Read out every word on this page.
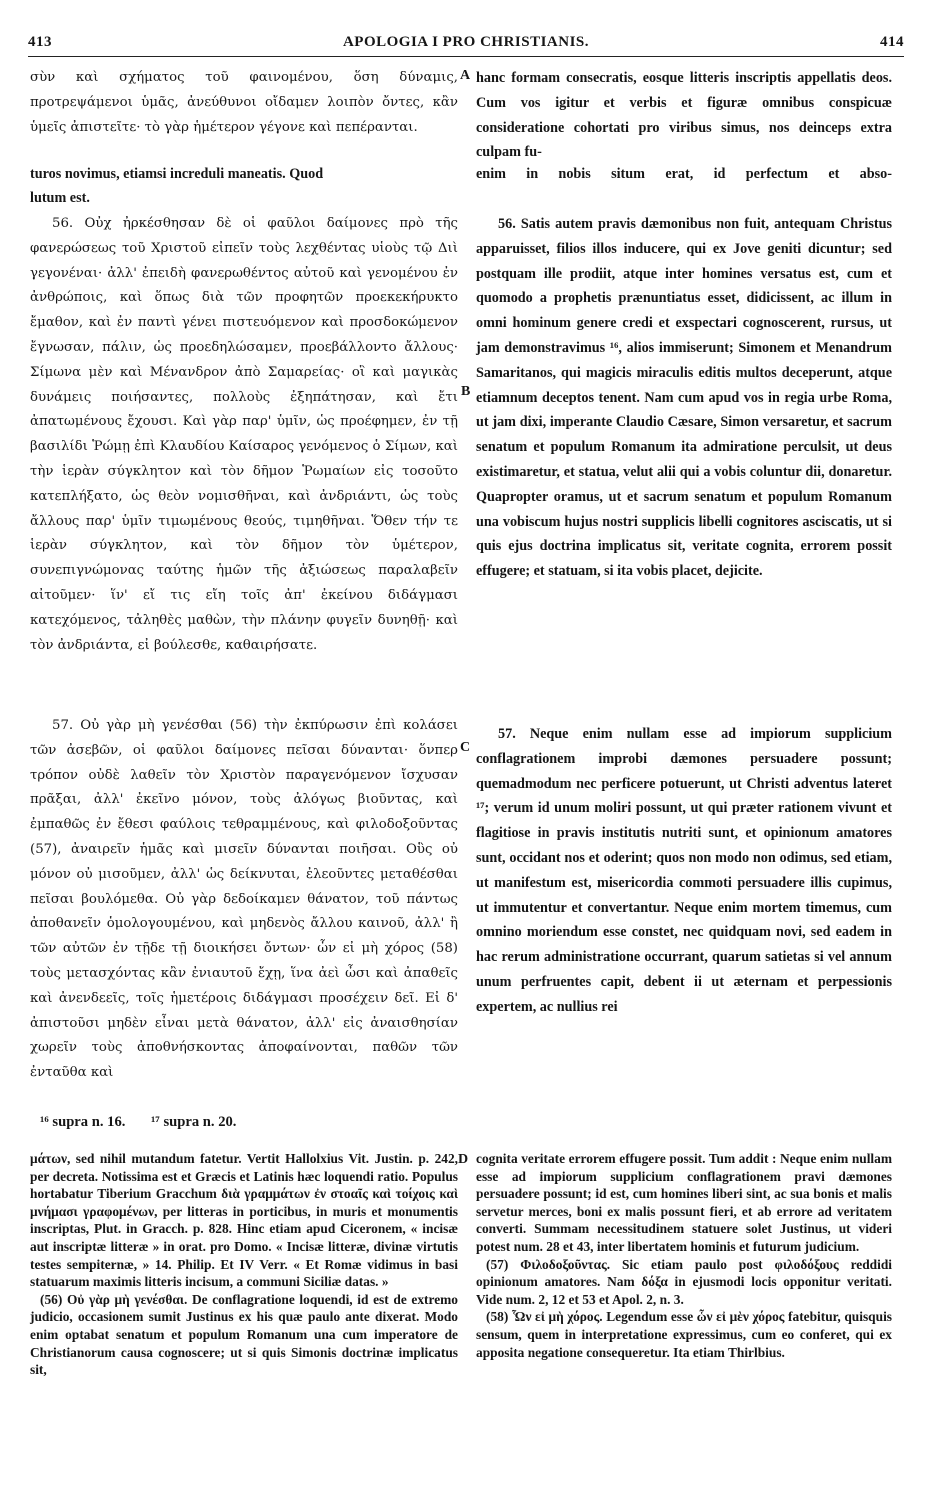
413	APOLOGIA I PRO CHRISTIANIS.	414

σὺν καὶ σχήματος τοῦ φαινομένου, ὅση δύναμις, προτρεψάμενοι ὑμᾶς, ἀνεύθυνοι οἴδαμεν λοιπὸν ὄντες, κἂν ὑμεῖς ἀπιστεῖτε· τὸ γὰρ ἡμέτερον γέγονε καὶ πεπέρανται.

hanc formam consecratis, eosque litteris inscriptis appellatis deos. Cum vos igitur et verbis et figuræ omnibus conspicuæ consideratione cohortati pro viribus simus, nos deinceps extra culpam fu-

turos novimus, etiamsi increduli maneatis. Quod	enim in nobis situm erat, id perfectum et abso-

lutum est.

56. Οὐχ ἠρκέσθησαν δὲ οἱ φαῦλοι δαίμονες πρὸ τῆς φανερώσεως τοῦ Χριστοῦ εἰπεῖν τοὺς λεχθέντας υἱοὺς τῷ Διὶ γεγονέναι· ἀλλ' ἐπειδὴ φανερωθέντος αὐτοῦ καὶ γενομένου ἐν ἀνθρώποις, καὶ ὅπως διὰ τῶν προφητῶν προεκεκήρυκτο ἔμαθον, καὶ ἐν παντὶ γένει πιστευόμενον καὶ προσδοκώμενον ἔγνωσαν, πάλιν, ὡς προεδηλώσαμεν, προεβάλλοντο ἄλλους· Σίμωνα μὲν καὶ Μένανδρον ἀπὸ Σαμαρείας· οἳ καὶ μαγικὰς δυνάμεις ποιήσαντες, πολλοὺς ἐξηπάτησαν, καὶ ἔτι ἀπατωμένους ἔχουσι. Καὶ γὰρ παρ' ὑμῖν, ὡς προέφημεν, ἐν τῇ βασιλίδι Ῥώμῃ ἐπὶ Κλαυδίου Καίσαρος γενόμενος ὁ Σίμων, καὶ τὴν ἱερὰν σύγκλητον καὶ τὸν δῆμον Ῥωμαίων εἰς τοσοῦτο κατεπλήξατο, ὡς θεὸν νομισθῆναι, καὶ ἀνδριάντι, ὡς τοὺς ἄλλους παρ' ὑμῖν τιμωμένους θεούς, τιμηθῆναι. Ὅθεν τήν τε ἱερὰν σύγκλητον, καὶ τὸν δῆμον τὸν ὑμέτερον, συνεπιγνώμονας ταύτης ἡμῶν τῆς ἀξιώσεως παραλαβεῖν αἰτοῦμεν· ἵν' εἴ τις εἴη τοῖς ἀπ' ἐκείνου διδάγμασι κατεχόμενος, τἀληθὲς μαθὼν, τὴν πλάνην φυγεῖν δυνηθῇ· καὶ τὸν ἀνδριάντα, εἰ βούλεσθε, καθαιρήσατε.

56. Satis autem pravis dæmonibus non fuit, antequam Christus apparuisset, filios illos inducere, qui ex Jove geniti dicuntur; sed postquam ille prodiit, atque inter homines versatus est, cum et quomodo a prophetis prænuntiatus esset, didicissent, ac illum in omni hominum genere credi et exspectari cognoscerent, rursus, ut jam demonstravimus ¹⁶, alios immiserunt; Simonem et Menandrum Samaritanos, qui magicis miraculis editis multos deceperunt, atque etiamnum deceptos tenent. Nam cum apud vos in regia urbe Roma, ut jam dixi, imperante Claudio Cæsare, Simon versaretur, et sacrum senatum et populum Romanum ita admiratione perculsit, ut deus existimaretur, et statua, velut alii qui a vobis coluntur dii, donaretur. Quapropter oramus, ut et sacrum senatum et populum Romanum una vobiscum hujus nostri supplicis libelli cognitores asciscatis, ut si quis ejus doctrina implicatus sit, veritate cognita, errorem possit effugere; et statuam, si ita vobis placet, dejicite.

57. Οὐ γὰρ μὴ γενέσθαι (56) τὴν ἐκπύρωσιν ἐπὶ κολάσει τῶν ἀσεβῶν, οἱ φαῦλοι δαίμονες πεῖσαι δύνανται· ὅνπερ τρόπον οὐδὲ λαθεῖν τὸν Χριστὸν παραγενόμενον ἴσχυσαν πρᾶξαι, ἀλλ' ἐκεῖνο μόνον, τοὺς ἀλόγως βιοῦντας, καὶ ἐμπαθῶς ἐν ἔθεσι φαύλοις τεθραμμένους, καὶ φιλοδοξοῦντας (57), ἀναιρεῖν ἡμᾶς καὶ μισεῖν δύνανται ποιῆσαι. Οὓς οὐ μόνον οὐ μισοῦμεν, ἀλλ' ὡς δείκνυται, ἐλεοῦντες μεταθέσθαι πεῖσαι βουλόμεθα. Οὐ γὰρ δεδοίκαμεν θάνατον, τοῦ πάντως ἀποθανεῖν ὁμολογουμένου, καὶ μηδενὸς ἄλλου καινοῦ, ἀλλ' ἢ τῶν αὐτῶν ἐν τῇδε τῇ διοικήσει ὄντων· ὧν εἰ μὴ χόρος (58) τοὺς μετασχόντας κἂν ἐνιαυτοῦ ἔχῃ, ἵνα ἀεὶ ὦσι καὶ ἀπαθεῖς καὶ ἀνενδεεῖς, τοῖς ἡμετέροις διδάγμασι προσέχειν δεῖ. Εἰ δ' ἀπιστοῦσι μηδὲν εἶναι μετὰ θάνατον, ἀλλ' εἰς ἀναισθησίαν χωρεῖν τοὺς ἀποθνήσκοντας ἀποφαίνονται, παθῶν τῶν ἐνταῦθα καὶ

57. Neque enim nullam esse ad impiorum supplicium conflagrationem improbi dæmones persuadere possunt; quemadmodum nec perficere potuerunt, ut Christi adventus lateret ¹⁷; verum id unum moliri possunt, ut qui præter rationem vivunt et flagitiose in pravis institutis nutriti sunt, et opinionum amatores sunt, occidant nos et oderint; quos non modo non odimus, sed etiam, ut manifestum est, misericordia commoti persuadere illis cupimus, ut immutentur et convertantur. Neque enim mortem timemus, cum omnino moriendum esse constet, nec quidquam novi, sed eadem in hac rerum administratione occurrant, quarum satietas si vel annum unum perfruentes capit, debent ii ut æternam et perpessionis expertem, ac nullius rei

A
B
C
D
¹⁶ supra n. 16. ¹⁷ supra n. 20.

μάτων, sed nihil mutandum fatetur. Vertit Hallolxius Vit. Justin. p. 242, per decreta. Notissima est et Græcis et Latinis hæc loquendi ratio. Populus hortabatur Tiberium Gracchum διὰ γραμμάτων ἐν στοαῖς καὶ τοίχοις καὶ μνήμασι γραφομένων, per litteras in porticibus, in muris et monumentis inscriptas, Plut. in Gracch. p. 828. Hinc etiam apud Ciceronem, « incisæ aut inscriptæ litteræ » in orat. pro Domo. « Incisæ litteræ, divinæ virtutis testes sempiternæ, » 14. Philip. Et IV Verr. « Et Romæ vidimus in basi statuarum maximis litteris incisum, a communi Siciliæ datas. »

(56) Οὐ γὰρ μὴ γενέσθαι. De conflagratione loquendi, id est de extremo judicio, occasionem sumit Justinus ex his quæ paulo ante dixerat. Modo enim optabat senatum et populum Romanum una cum imperatore de Christianorum causa cognoscere; ut si quis Simonis doctrinæ implicatus sit,

cognita veritate errorem effugere possit. Tum addit : Neque enim nullam esse ad impiorum supplicium conflagrationem pravi dæmones persuadere possunt; id est, cum homines liberi sint, ac sua bonis et malis servetur merces, boni ex malis possunt fieri, et ab errore ad veritatem converti. Summam necessitudinem statuere solet Justinus, ut videri potest num. 28 et 43, inter libertatem hominis et futurum judicium.

(57) Φιλοδοξοῦντας. Sic etiam paulo post φιλοδόξους reddidi opinionum amatores. Nam δόξα in ejusmodi locis opponitur veritati. Vide num. 2, 12 et 53 et Apol. 2, n. 3.

(58) Ὧν εἰ μὴ χόρος. Legendum esse ὧν εἰ μὲν χόρος fatebitur, quisquis sensum, quem in interpretatione expressimus, cum eo conferet, qui ex apposita negatione consequeretur. Ita etiam Thirlbius.
